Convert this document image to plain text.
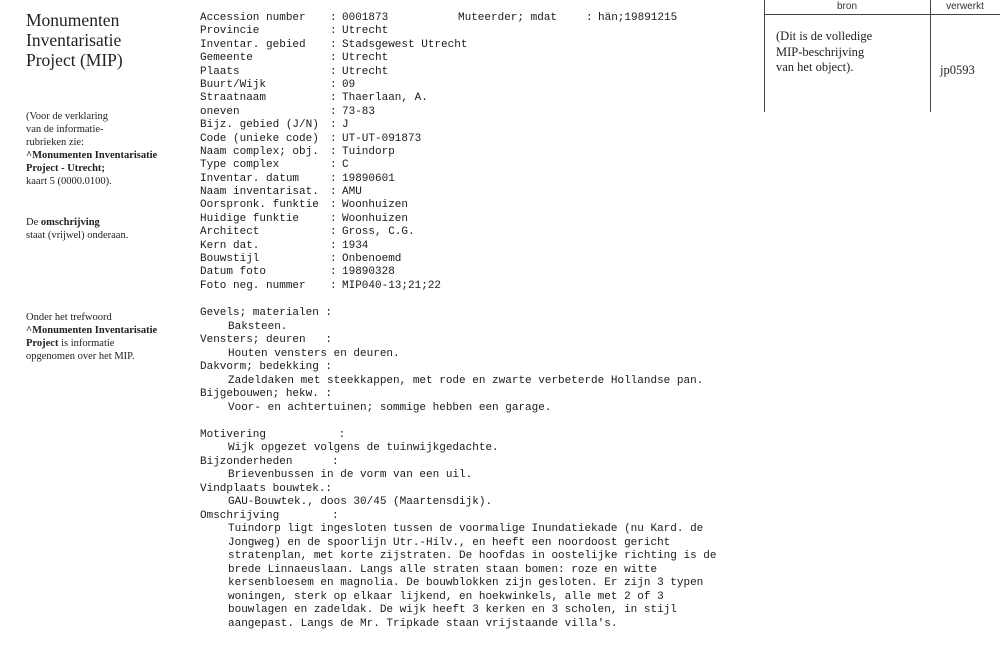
Monumenten
Inventarisatie
Project (MIP)
(Voor de verklaring
van de informatie-
rubrieken zie:
^Monumenten Inventarisatie
Project - Utrecht;
kaart 5 (0000.0100).
De omschrijving
staat (vrijwel) onderaan.
Onder het trefwoord
^Monumenten Inventarisatie
Project is informatie
opgenomen over het MIP.
Accession number : 0001873	Muteerder; mdat	: hän;19891215
Provincie	: Utrecht
Inventar. gebied : Stadsgewest Utrecht
Gemeente	: Utrecht
Plaats	: Utrecht
Buurt/Wijk	: 09
Straatnaam	: Thaerlaan, A.
oneven	: 73-83
Bijz. gebied (J/N) : J
Code (unieke code) : UT-UT-091873
Naam complex; obj. : Tuindorp
Type complex	: C
Inventar. datum	: 19890601
Naam inventarisat. : AMU
Oorspronk. funktie : Woonhuizen
Huidige funktie	: Woonhuizen
Architect	: Gross, C.G.
Kern dat.	: 1934
Bouwstijl	: Onbenoemd
Datum foto	: 19890328
Foto neg. nummer : MIP040-13;21;22
Gevels; materialen :
Baksteen.
Vensters; deuren   :
Houten vensters en deuren.
Dakvorm; bedekking :
Zadeldaken met steekkappen, met rode en zwarte verbeterde Hollandse pan.
Bijgebouwen; hekw. :
Voor- en achtertuinen; sommige hebben een garage.
Motivering           :
Wijk opgezet volgens de tuinwijkgedachte.
Bijzonderheden      :
Brievenbussen in de vorm van een uil.
Vindplaats bouwtek.:
GAU-Bouwtek., doos 30/45 (Maartensdijk).
Omschrijving        :
Tuindorp ligt ingesloten tussen de voormalige Inundatiekade (nu Kard. de
Jongweg) en de spoorlijn Utr.-Hilv., en heeft een noordoost gericht
stratenplan, met korte zijstraten. De hoofdas in oostelijke richting is de
brede Linnaeuslaan. Langs alle straten staan bomen: roze en witte
kersenbloesem en magnolia. De bouwblokken zijn gesloten. Er zijn 3 typen
woningen, sterk op elkaar lijkend, en hoekwinkels, alle met 2 of 3
bouwlagen en zadeldak. De wijk heeft 3 kerken en 3 scholen, in stijl
aangepast. Langs de Mr. Tripkade staan vrijstaande villa's.
bron	verwerkt
(Dit is de volledige
MIP-beschrijving
van het object).	jp0593
